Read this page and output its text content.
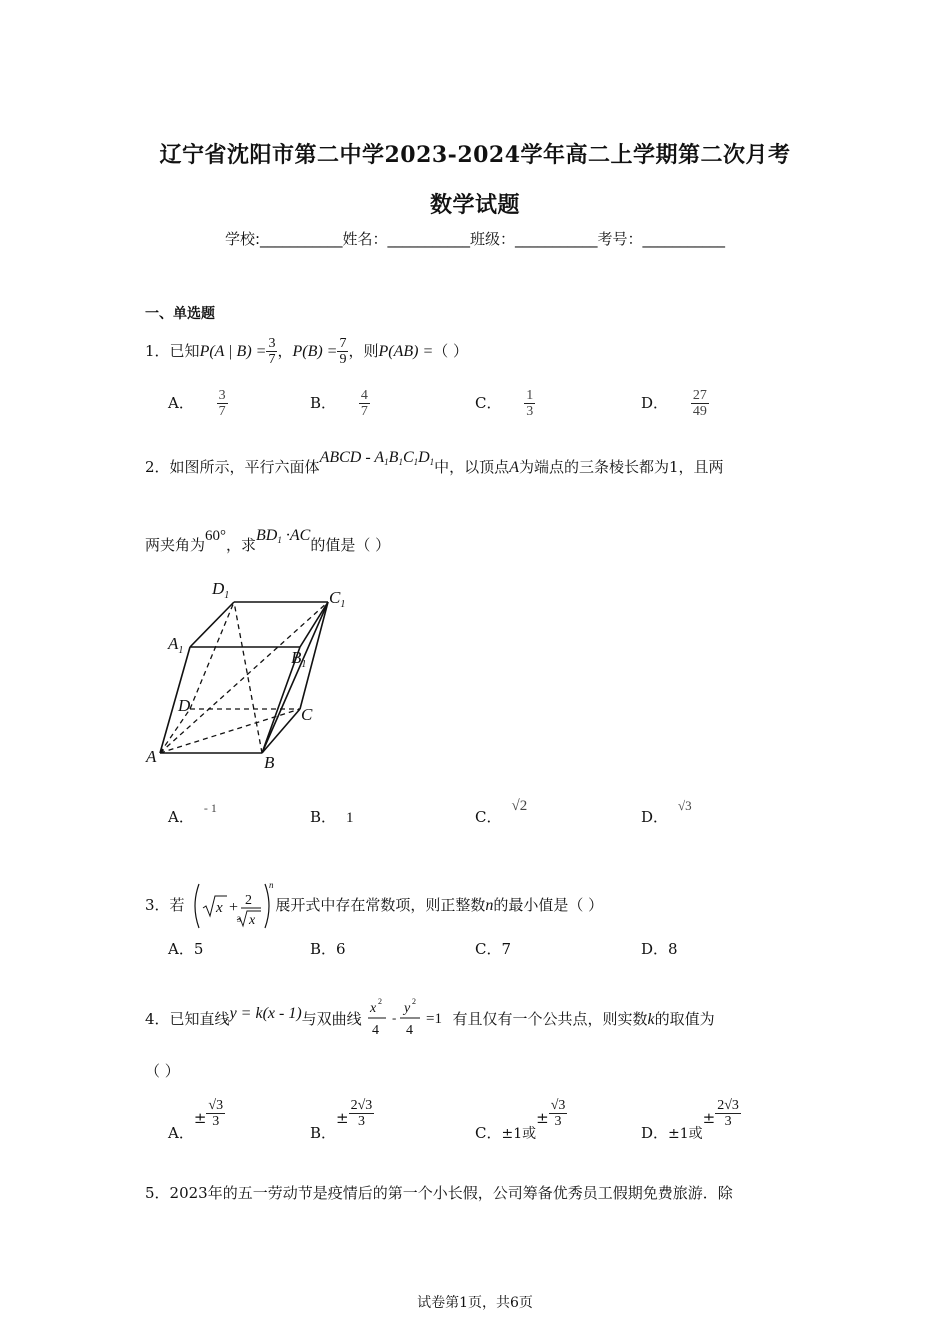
辽宁省沈阳市第二中学2023-2024学年高二上学期第二次月考
数学试题
学校:___________姓名：___________班级：___________考号：___________
一、单选题
1．已知P(A | $B) = \frac{3}{7}$ ，$P(B) = \frac{7}{9}$ ，则P(AB) =（ ）
A． $\frac{3}{7}$	B． $\frac{4}{7}$	C． $\frac{1}{3}$	D． $\frac{27}{49}$
2．如图所示，平行六面体ABCD - $A_1B_1C_1D_1$中，以顶点A为端点的三条棱长都为1，且两
两夹角为60°，求$BD_1 \cdot AC$的值是（ ）
$D_1$	$C_1$
$A_1$	$B_1$
D	C
A	B
A． $^{- 1}$	B． 1	C．√2
D．√3
3．若 x + 2
3 x
n
展开式中存在常数项，则正整数n的最小值是（ ）
A．5	B．6	C．7	D．8
4．已知直线y = k(x - 1)与双曲线
x 2
4
-
y 2
4
=1 有且仅有一个公共点，则实数k的取值为
（ ）
A．± $\frac{√3}{3}$
B．± $\frac{2√3}{3}$
C．±1或± $\frac{√3}{3}$
D．±1或± $\frac{2√3}{3}$
5．2023年的五一劳动节是疫情后的第一个小长假，公司筹备优秀员工假期免费旅游．除
试卷第1页，共6页
